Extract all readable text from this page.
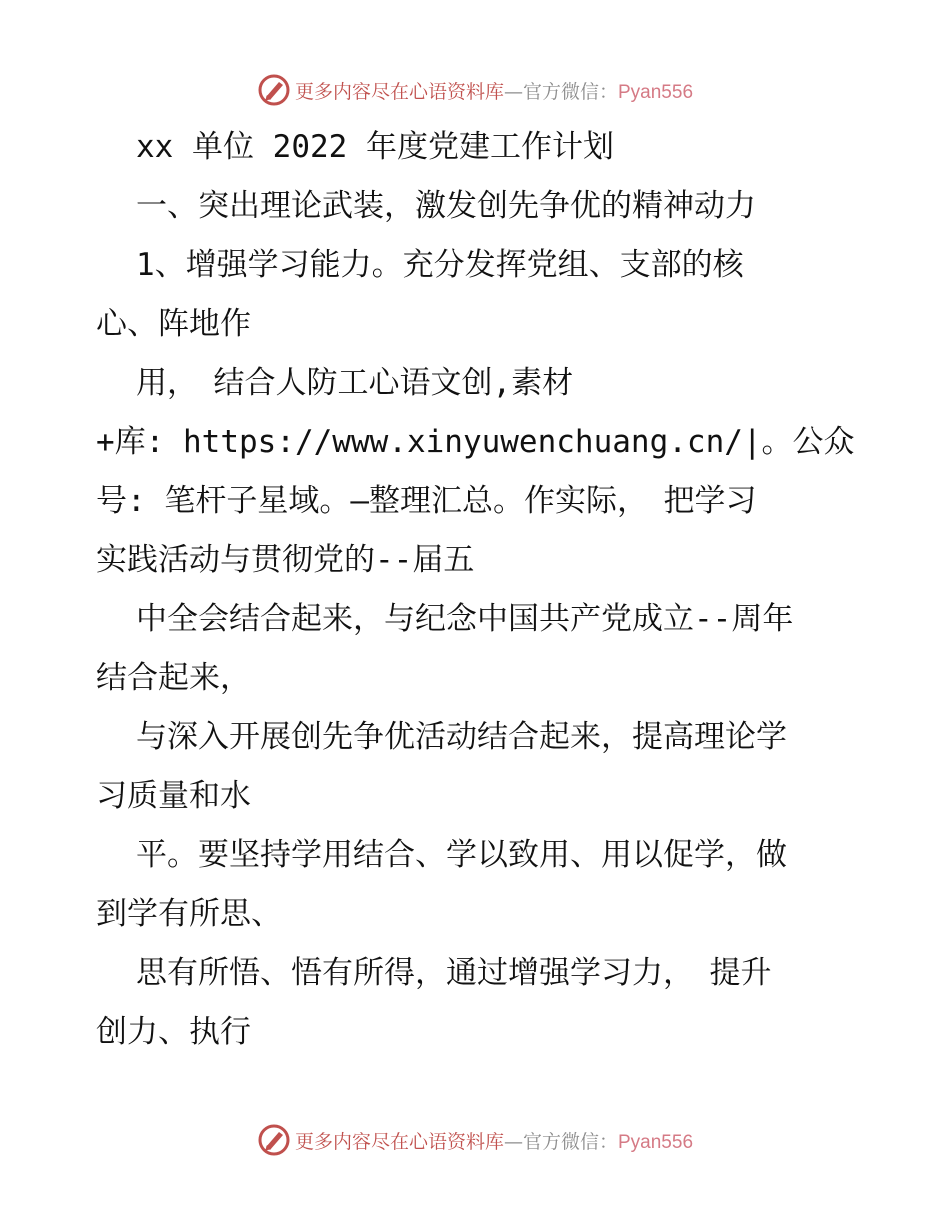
更多内容尽在心语资料库—官方微信：Pyan556
xx 单位 2022 年度党建工作计划
一、突出理论武装，激发创先争优的精神动力
1、增强学习能力。充分发挥党组、支部的核
心、阵地作
用，　结合人防工心语文创,素材
+库: https://www.xinyuwenchuang.cn/|。公众
号: 笔杆子星域。—整理汇总。作实际，　把学习
实践活动与贯彻党的--届五
中全会结合起来，与纪念中国共产党成立--周年
结合起来，
与深入开展创先争优活动结合起来，提高理论学
习质量和水
平。要坚持学用结合、学以致用、用以促学，做
到学有所思、
思有所悟、悟有所得，通过增强学习力，　提升
创力、执行
更多内容尽在心语资料库—官方微信：Pyan556
